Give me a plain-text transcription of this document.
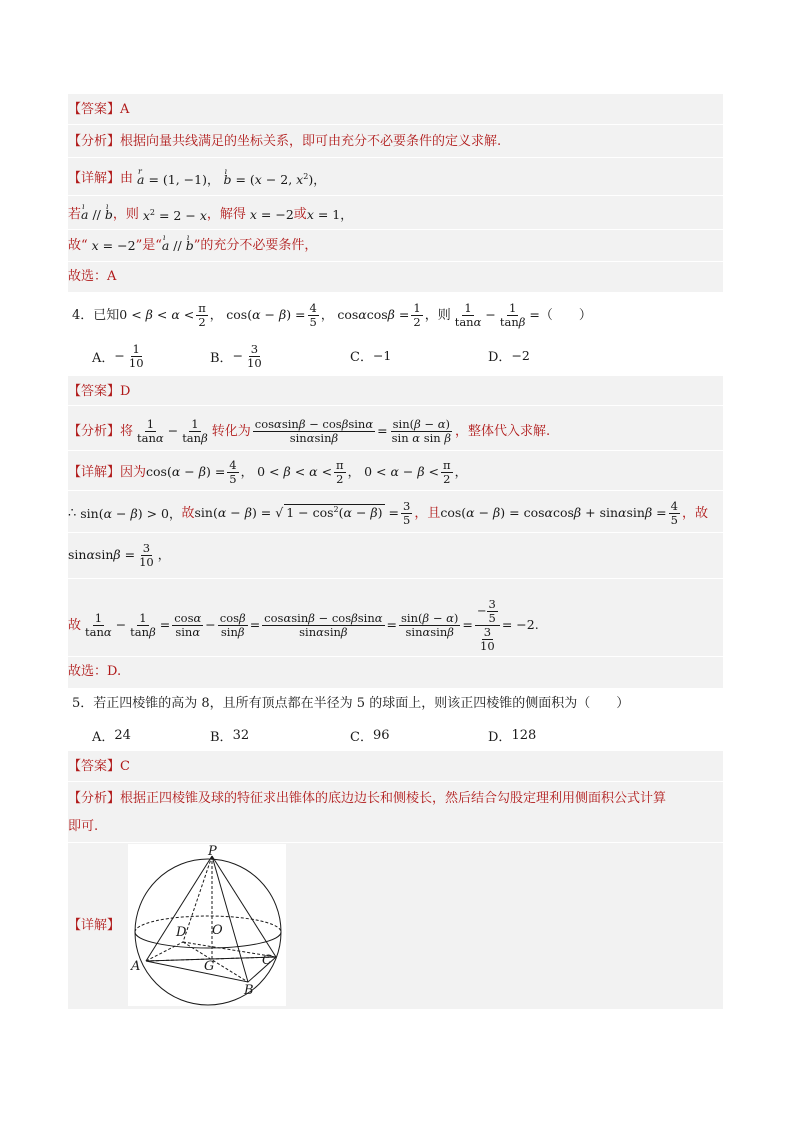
【答案】 A
【分析】 根据向量共线满足的坐标关系，即可由充分不必要条件的定义求解.
【详解】 由 r a = (1, −1)， ı b = (x − 2, $x^2$)，
若 ı a // ı b ，则 $x^2 = 2 - x$ ，解得 x = −2 或 x = 1，
故“ x = −2 ”是“ ı a // ı b ”的充分不必要条件，
故选：A
4．已知 $0 < \beta < \alpha < \frac{\pi}{2}$ ， $\cos(\alpha - \beta) = \frac{4}{5}$ ， $\cos\alpha\cos\beta = \frac{1}{2}$ ，则 $\frac{1}{\tan\alpha} - \frac{1}{\tan\beta}$ = （　　）
A． − $\frac{1}{10}$	B． − $\frac{3}{10}$	C． −1	D． −2
【答案】 D
【分析】 将 $\frac{1}{\tan\alpha} - \frac{1}{\tan\beta}$ 转化为 $\frac{\cos\alpha\sin\beta - \cos\beta\sin\alpha}{\sin\alpha\sin\beta} = \frac{\sin(\beta - \alpha)}{\text{sin α sin β}}$ ，整体代入求解.
【详解】 因为 $\cos(\alpha - \beta) = \frac{4}{5}$ ， $0 < \beta < \alpha < \frac{\pi}{2}$ ， $0 < \alpha - \beta < \frac{\pi}{2}$ ，
∴ sin(α − β) > 0， 故 sin(α − β) = √ $1 - \cos^2(\alpha - \beta) = \frac{3}{5}$ ，且 $\cos(\alpha - \beta) = \cos\alpha\cos\beta + \sin\alpha\sin\beta = \frac{4}{5}$ ，故
$\sin\alpha\sin\beta = \frac{3}{10}$ ，
故 $\frac{1}{\tan\alpha} - \frac{1}{\tan\beta} = \frac{\cos\alpha}{\sin\alpha} - \frac{\cos\beta}{\sin\beta} = \frac{\cos\alpha\sin\beta - \cos\beta\sin\alpha}{\sin\alpha\sin\beta} = \frac{\sin(\beta - \alpha)}{\sin\alpha\sin\beta} = \frac{- \frac{3}{5}}{\frac{3}{10}} = -2$.
故选：D.
5．若正四棱锥的高为 8，且所有顶点都在半径为 5 的球面上，则该正四棱锥的侧面积为（　　）
A． 24	B． 32	C． 96	D． 128
【答案】 C
【分析】 根据正四棱锥及球的特征求出锥体的底边边长和侧棱长，然后结合勾股定理利用侧面积公式计算
即可.
【详解】
P
D O
A	G	C
B
